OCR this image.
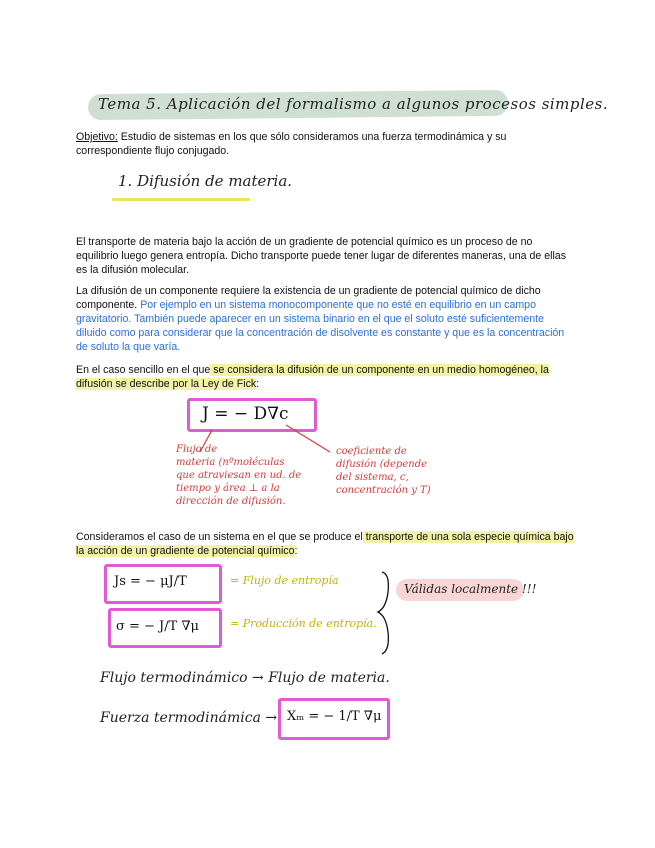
Tema 5. Aplicación del formalismo a algunos procesos simples.

Objetivo: Estudio de sistemas en los que sólo consideramos una fuerza termodinámica y su correspondiente flujo conjugado.

1. Difusión de materia.

El transporte de materia bajo la acción de un gradiente de potencial químico es un proceso de no equilibrio luego genera entropía. Dicho transporte puede tener lugar de diferentes maneras, una de ellas es la difusión molecular.

La difusión de un componente requiere la existencia de un gradiente de potencial químico de dicho componente. Por ejemplo en un sistema monocomponente que no esté en equilibrio en un campo gravitatorio. También puede aparecer en un sistema binario en el que el soluto esté suficientemente diluido como para considerar que la concentración de disolvente es constante y que es la concentración de soluto la que varía.

En el caso sencillo en el que se considera la difusión de un componente en un medio homogéneo, la difusión se describe por la Ley de Fick:

J = − D∇c
Flujo de
materia (nºmoléculas
que atraviesan en ud. de
tiempo y área ⊥ a la
dirección de difusión.
coeficiente de
difusión (depende
del sistema, c,
concentración y T)

Consideramos el caso de un sistema en el que se produce el transporte de una sola especie química bajo la acción de un gradiente de potencial químico:

Js = − μJ/T	= Flujo de entropía
σ = − J/T ∇μ	= Producción de entropía.
Válidas localmente !!!
Flujo termodinámico → Flujo de materia.
Fuerza termodinámica → Xₘ = − 1/T ∇μ
